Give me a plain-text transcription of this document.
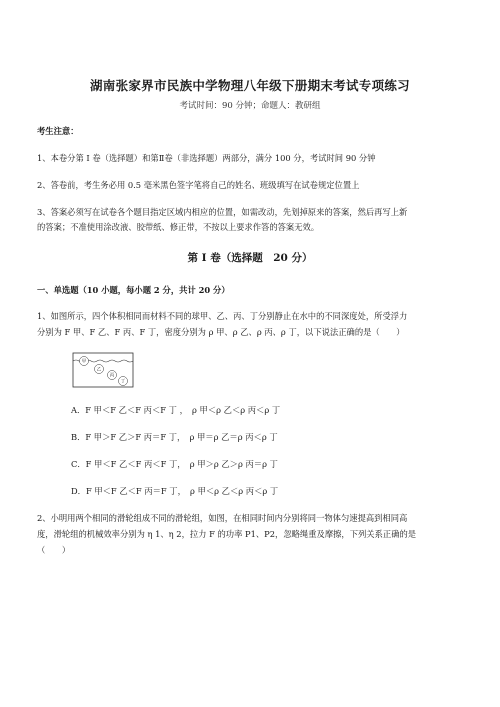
湖南张家界市民族中学物理八年级下册期末考试专项练习
考试时间：90 分钟；命题人：教研组
考生注意：
1、本卷分第 I 卷（选择题）和第Ⅱ卷（非选择题）两部分，满分 100 分，考试时间 90 分钟
2、答卷前，考生务必用 0.5 毫米黑色签字笔将自己的姓名、班级填写在试卷规定位置上
3、答案必须写在试卷各个题目指定区域内相应的位置，如需改动，先划掉原来的答案，然后再写上新
的答案；不准使用涂改液、胶带纸、修正带，不按以上要求作答的答案无效。
第 I 卷（选择题　20 分）
一、单选题（10 小题，每小题 2 分，共计 20 分）
1、如图所示，四个体积相同而材料不同的球甲、乙、丙、丁分别静止在水中的不同深度处，所受浮力
分别为 F 甲、F 乙、F 丙、F 丁，密度分别为 ρ 甲、ρ 乙、ρ 丙、ρ 丁，以下说法正确的是（　　）
甲
乙
丙
丁
A．F 甲＜F 乙＜F 丙＜F 丁 ，　ρ 甲＜ρ 乙＜ρ 丙＜ρ 丁
B．F 甲＞F 乙＞F 丙＝F 丁，　ρ 甲＝ρ 乙＝ρ 丙＜ρ 丁
C．F 甲＜F 乙＜F 丙＜F 丁，　ρ 甲＞ρ 乙＞ρ 丙＝ρ 丁
D．F 甲＜F 乙＜F 丙＝F 丁，　ρ 甲＜ρ 乙＜ρ 丙＜ρ 丁
2、小明用两个相同的滑轮组成不同的滑轮组，如图，在相同时间内分别将同一物体匀速提高到相同高
度，滑轮组的机械效率分别为 η 1、η 2，拉力 F 的功率 P1、P2，忽略绳重及摩擦，下列关系正确的是
（　　）
